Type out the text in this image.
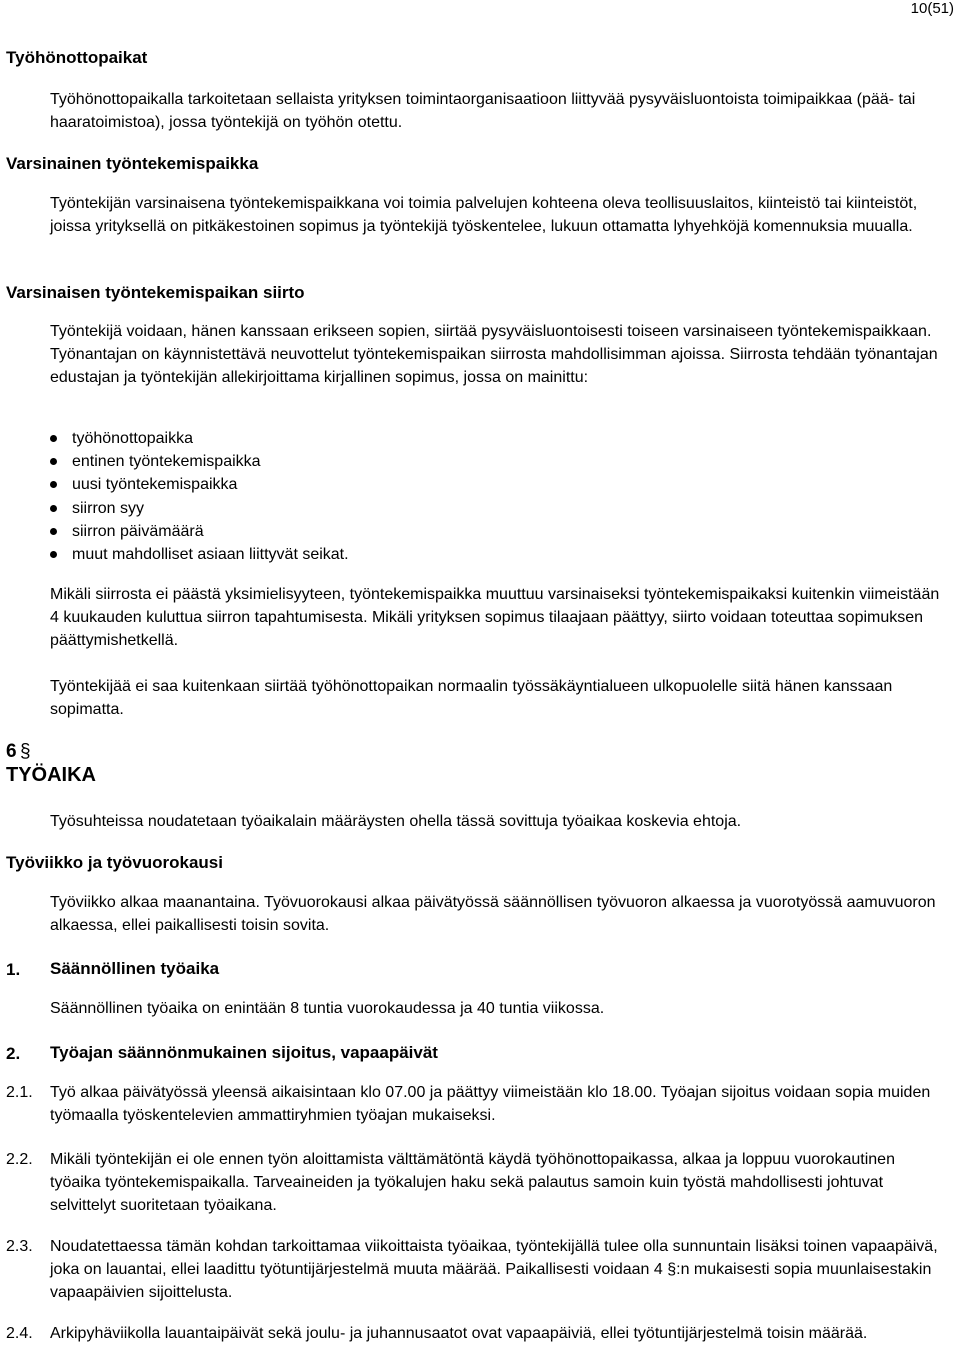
10(51)
Työhönottopaikat

Työhönottopaikalla tarkoitetaan sellaista yrityksen toimintaorganisaatioon liittyvää pysyväisluontoista toimipaikkaa (pää- tai haaratoimistoa), jossa työntekijä on työhön otettu.

Varsinainen työntekemispaikka

Työntekijän varsinaisena työntekemispaikkana voi toimia palvelujen kohteena oleva teollisuuslaitos, kiinteistö tai kiinteistöt, joissa yrityksellä on pitkäkestoinen sopimus ja työntekijä työskentelee, lukuun ottamatta lyhyehköjä komennuksia muualla.

Varsinaisen työntekemispaikan siirto

Työntekijä voidaan, hänen kanssaan erikseen sopien, siirtää pysyväisluontoisesti toiseen varsinaiseen työntekemispaikkaan. Työnantajan on käynnistettävä neuvottelut työntekemispaikan siirrosta mahdollisimman ajoissa. Siirrosta tehdään työnantajan edustajan ja työntekijän allekirjoittama kirjallinen sopimus, jossa on mainittu:

työhönottopaikka
entinen työntekemispaikka
uusi työntekemispaikka
siirron syy
siirron päivämäärä
muut mahdolliset asiaan liittyvät seikat.

Mikäli siirrosta ei päästä yksimielisyyteen, työntekemispaikka muuttuu varsinaiseksi työntekemispaikaksi kuitenkin viimeistään 4 kuukauden kuluttua siirron tapahtumisesta. Mikäli yrityksen sopimus tilaajaan päättyy, siirto voidaan toteuttaa sopimuksen päättymishetkellä.

Työntekijää ei saa kuitenkaan siirtää työhönottopaikan normaalin työssäkäyntialueen ulkopuolelle siitä hänen kanssaan sopimatta.

6 §
TYÖAIKA

Työsuhteissa noudatetaan työaikalain määräysten ohella tässä sovittuja työaikaa koskevia ehtoja.

Työviikko ja työvuorokausi

Työviikko alkaa maanantaina. Työvuorokausi alkaa päivätyössä säännöllisen työvuoron alkaessa ja vuorotyössä aamuvuoron alkaessa, ellei paikallisesti toisin sovita.

1. Säännöllinen työaika

Säännöllinen työaika on enintään 8 tuntia vuorokaudessa ja 40 tuntia viikossa.

2. Työajan säännönmukainen sijoitus, vapaapäivät
2.1. Työ alkaa päivätyössä yleensä aikaisintaan klo 07.00 ja päättyy viimeistään klo 18.00. Työajan sijoitus voidaan sopia muiden työmaalla työskentelevien ammattiryhmien työajan mukaiseksi.

2.2. Mikäli työntekijän ei ole ennen työn aloittamista välttämätöntä käydä työhönottopaikassa, alkaa ja loppuu vuorokautinen työaika työntekemispaikalla. Tarveaineiden ja työkalujen haku sekä palautus samoin kuin työstä mahdollisesti johtuvat selvittelyt suoritetaan työaikana.

2.3. Noudatettaessa tämän kohdan tarkoittamaa viikoittaista työaikaa, työntekijällä tulee olla sunnuntain lisäksi toinen vapaapäivä, joka on lauantai, ellei laadittu työtuntijärjestelmä muuta määrää. Paikallisesti voidaan 4 §:n mukaisesti sopia muunlaisestakin vapaapäivien sijoittelusta.

2.4. Arkipyhäviikolla lauantaipäivät sekä joulu- ja juhannusaatot ovat vapaapäiviä, ellei työtuntijärjestelmä toisin määrää.
